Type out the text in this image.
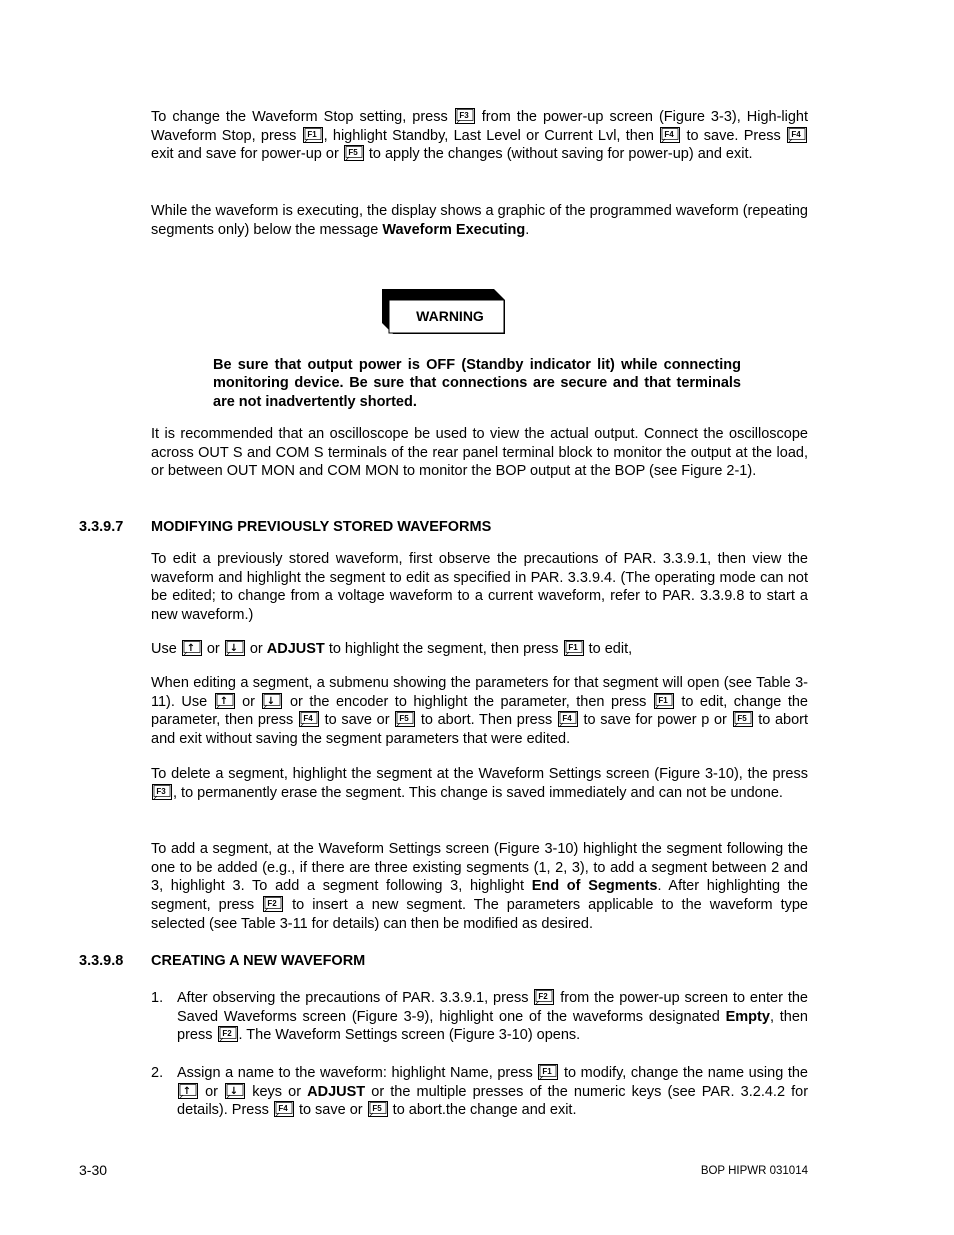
To change the Waveform Stop setting, press F3 from the power-up screen (Figure 3-3), High-light Waveform Stop, press F1 , highlight Standby, Last Level or Current Lvl, then F4 to save. Press F4
exit and save for power-up or F5 to apply the changes (without saving for power-up) and exit.

While the waveform is executing, the display shows a graphic of the programmed waveform (repeating segments only) below the message Waveform Executing.

WARNING

Be sure that output power is OFF (Standby indicator lit) while connecting monitoring device. Be sure that connections are secure and that terminals are not inadvertently shorted.

It is recommended that an oscilloscope be used to view the actual output. Connect the oscilloscope across OUT S and COM S terminals of the rear panel terminal block to monitor the output at the load, or between OUT MON and COM MON to monitor the BOP output at the BOP (see Figure 2-1).

3.3.9.7 MODIFYING PREVIOUSLY STORED WAVEFORMS

To edit a previously stored waveform, first observe the precautions of PAR. 3.3.9.1, then view the waveform and highlight the segment to edit as specified in PAR. 3.3.9.4. (The operating mode can not be edited; to change from a voltage waveform to a current waveform, refer to PAR. 3.3.9.8 to start a new waveform.)

Use ↑ or ↓ or ADJUST to highlight the segment, then press F1 to edit,

When editing a segment, a submenu showing the parameters for that segment will open (see Table 3-11). Use ↑ or ↓ or the encoder to highlight the parameter, then press F1 to edit, change the parameter, then press F4 to save or F5 to abort. Then press F4 to save for power p or F5 to abort and exit without saving the segment parameters that were edited.

To delete a segment, highlight the segment at the Waveform Settings screen (Figure 3-10), the press
F3 , to permanently erase the segment. This change is saved immediately and can not be undone.

To add a segment, at the Waveform Settings screen (Figure 3-10) highlight the segment following the one to be added (e.g., if there are three existing segments (1, 2, 3), to add a segment between 2 and 3, highlight 3. To add a segment following 3, highlight End of Segments. After highlighting the segment, press F2 to insert a new segment. The parameters applicable to the waveform type selected (see Table 3-11 for details) can then be modified as desired.

3.3.9.8 CREATING A NEW WAVEFORM
1. After observing the precautions of PAR. 3.3.9.1, press F2 from the power-up screen to enter the Saved Waveforms screen (Figure 3-9), highlight one of the waveforms designated Empty, then press F2 . The Waveform Settings screen (Figure 3-10) opens.
2. Assign a name to the waveform: highlight Name, press F1 to modify, change the name using the
↑ or ↓ keys or ADJUST or the multiple presses of the numeric keys (see PAR. 3.2.4.2 for details). Press F4 to save or F5 to abort.the change and exit.
3-30	BOP HIPWR 031014
